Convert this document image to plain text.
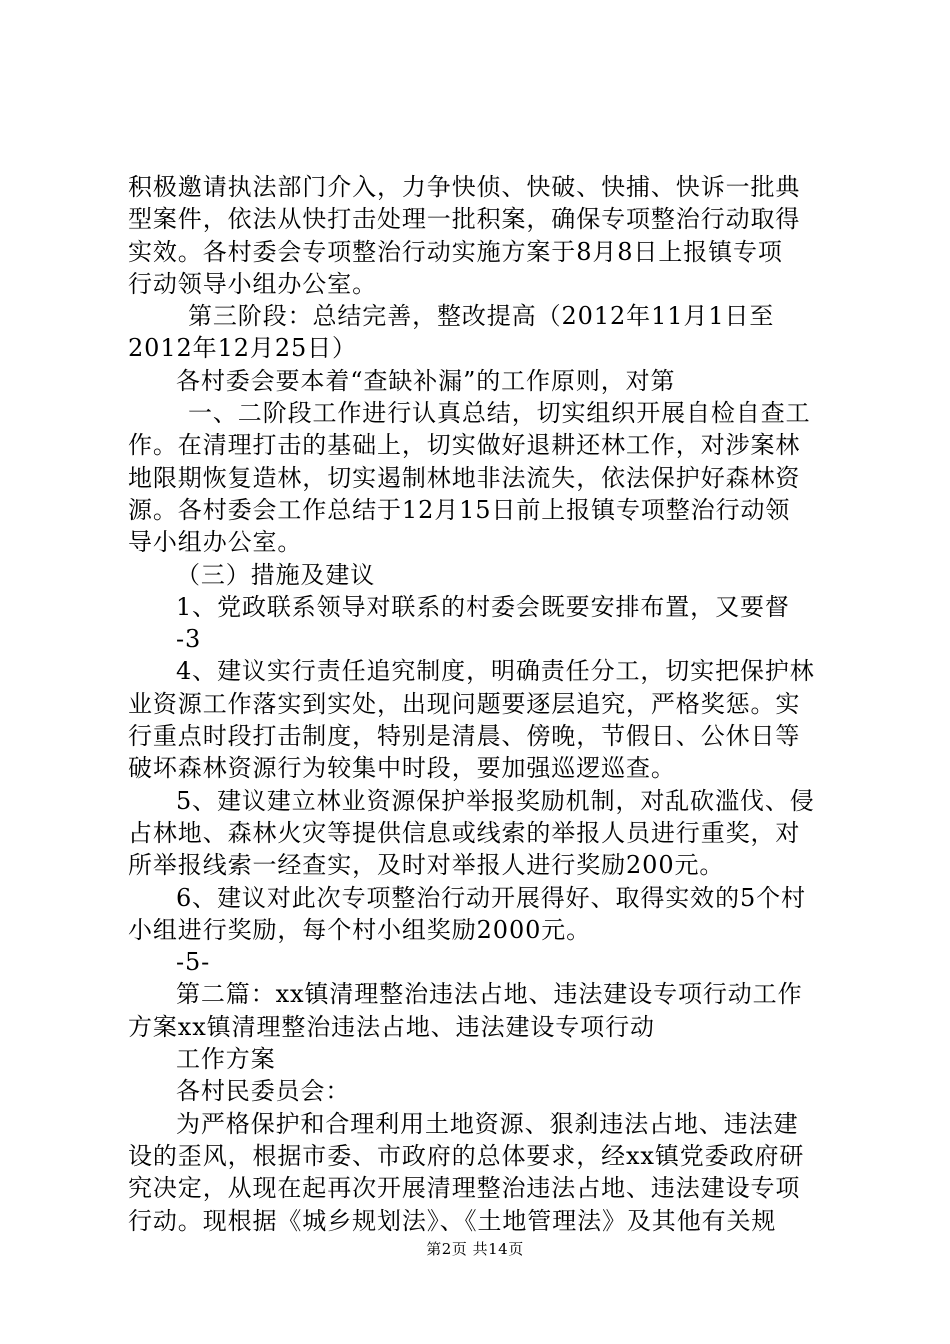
积极邀请执法部门介入，力争快侦、快破、快捕、快诉一批典
型案件，依法从快打击处理一批积案，确保专项整治行动取得
实效。各村委会专项整治行动实施方案于8月8日上报镇专项
行动领导小组办公室。
第三阶段：总结完善，整改提高（2012年11月1日至
2012年12月25日）
各村委会要本着“查缺补漏”的工作原则，对第
一、二阶段工作进行认真总结，切实组织开展自检自查工
作。在清理打击的基础上，切实做好退耕还林工作，对涉案林
地限期恢复造林，切实遏制林地非法流失，依法保护好森林资
源。各村委会工作总结于12月15日前上报镇专项整治行动领
导小组办公室。
（三）措施及建议
1、党政联系领导对联系的村委会既要安排布置，又要督
-3
4、建议实行责任追究制度，明确责任分工，切实把保护林
业资源工作落实到实处，出现问题要逐层追究，严格奖惩。实
行重点时段打击制度，特别是清晨、傍晚，节假日、公休日等
破坏森林资源行为较集中时段，要加强巡逻巡查。
5、建议建立林业资源保护举报奖励机制，对乱砍滥伐、侵
占林地、森林火灾等提供信息或线索的举报人员进行重奖，对
所举报线索一经查实，及时对举报人进行奖励200元。
6、建议对此次专项整治行动开展得好、取得实效的5个村
小组进行奖励，每个村小组奖励2000元。
-5-
第二篇：xx镇清理整治违法占地、违法建设专项行动工作
方案xx镇清理整治违法占地、违法建设专项行动
工作方案
各村民委员会：
为严格保护和合理利用土地资源、狠刹违法占地、违法建
设的歪风，根据市委、市政府的总体要求，经xx镇党委政府研
究决定，从现在起再次开展清理整治违法占地、违法建设专项
行动。现根据《城乡规划法》、《土地管理法》及其他有关规
第2页 共14页
